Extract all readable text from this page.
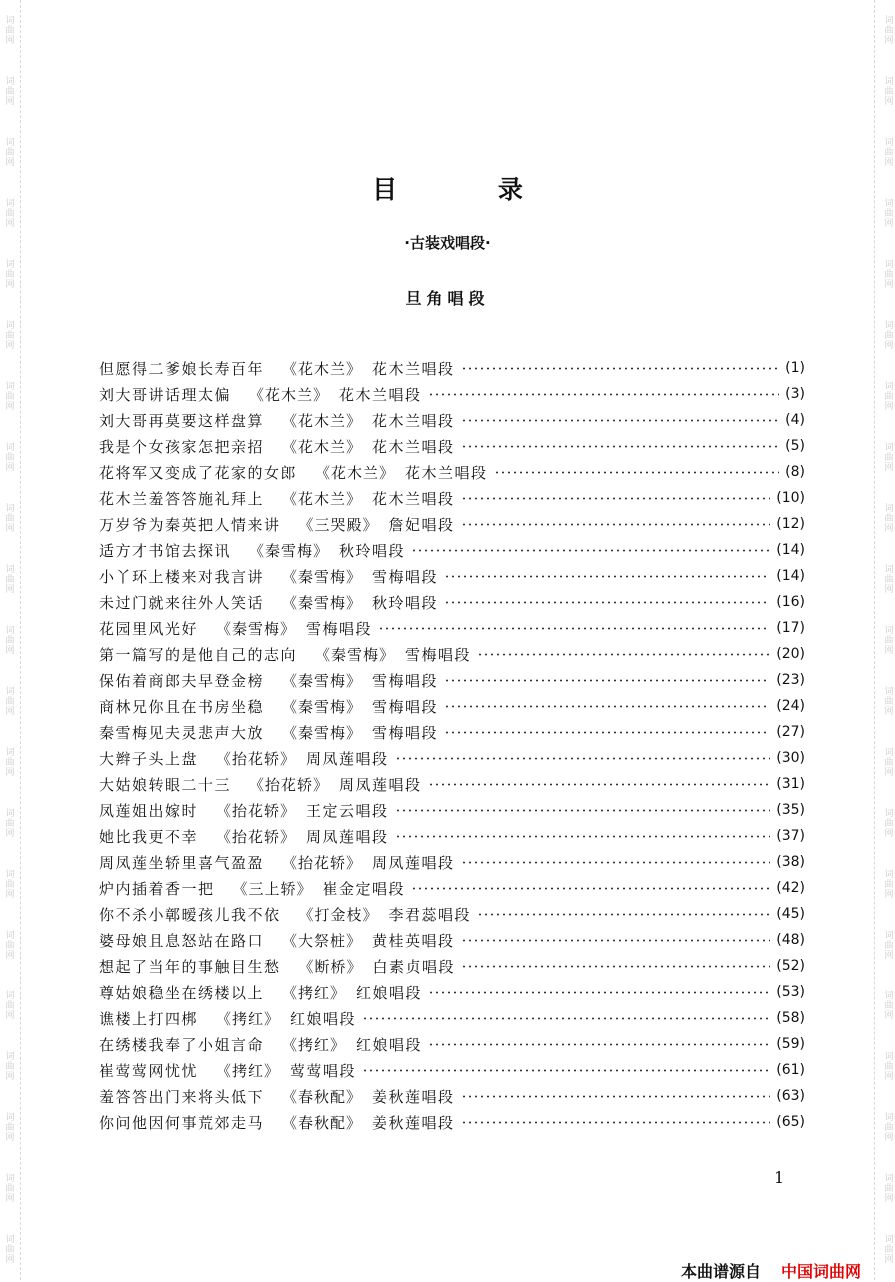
词曲网
词曲网
词曲网
词曲网
词曲网
词曲网
词曲网
词曲网
词曲网
词曲网
词曲网
词曲网
词曲网
词曲网
词曲网
词曲网
词曲网
词曲网
词曲网
词曲网
词曲网
词曲网
词曲网
词曲网
词曲网
词曲网
词曲网
词曲网
词曲网
词曲网
词曲网
词曲网
词曲网
词曲网
词曲网
词曲网
词曲网
词曲网
词曲网
词曲网
词曲网
词曲网
目 录
·古装戏唱段·
旦角唱段
但愿得二爹娘长寿百年 《花木兰》 花木兰唱段	(1)
刘大哥讲话理太偏 《花木兰》 花木兰唱段	(3)
刘大哥再莫要这样盘算 《花木兰》 花木兰唱段	(4)
我是个女孩家怎把亲招 《花木兰》 花木兰唱段	(5)
花将军又变成了花家的女郎 《花木兰》 花木兰唱段	(8)
花木兰羞答答施礼拜上 《花木兰》 花木兰唱段	(10)
万岁爷为秦英把人情来讲 《三哭殿》 詹妃唱段	(12)
适方才书馆去探讯 《秦雪梅》 秋玲唱段	(14)
小丫环上楼来对我言讲 《秦雪梅》 雪梅唱段	(14)
未过门就来往外人笑话 《秦雪梅》 秋玲唱段	(16)
花园里风光好 《秦雪梅》 雪梅唱段	(17)
第一篇写的是他自己的志向 《秦雪梅》 雪梅唱段	(20)
保佑着商郎夫早登金榜 《秦雪梅》 雪梅唱段	(23)
商林兄你且在书房坐稳 《秦雪梅》 雪梅唱段	(24)
秦雪梅见夫灵悲声大放 《秦雪梅》 雪梅唱段	(27)
大辫子头上盘 《抬花轿》 周凤莲唱段	(30)
大姑娘转眼二十三 《抬花轿》 周凤莲唱段	(31)
凤莲姐出嫁时 《抬花轿》 王定云唱段	(35)
她比我更不幸 《抬花轿》 周凤莲唱段	(37)
周凤莲坐轿里喜气盈盈 《抬花轿》 周凤莲唱段	(38)
炉内插着香一把 《三上轿》 崔金定唱段	(42)
你不杀小鄣暧孩儿我不依 《打金枝》 李君蕊唱段	(45)
婆母娘且息怒站在路口 《大祭桩》 黄桂英唱段	(48)
想起了当年的事触目生愁 《断桥》 白素贞唱段	(52)
尊姑娘稳坐在绣楼以上 《拷红》 红娘唱段	(53)
谯楼上打四梆 《拷红》 红娘唱段	(58)
在绣楼我奉了小姐言命 《拷红》 红娘唱段	(59)
崔莺莺网忧忧 《拷红》 莺莺唱段	(61)
羞答答出门来将头低下 《春秋配》 姜秋莲唱段	(63)
你问他因何事荒郊走马 《春秋配》 姜秋莲唱段	(65)
1
本曲谱源自 中国词曲网
